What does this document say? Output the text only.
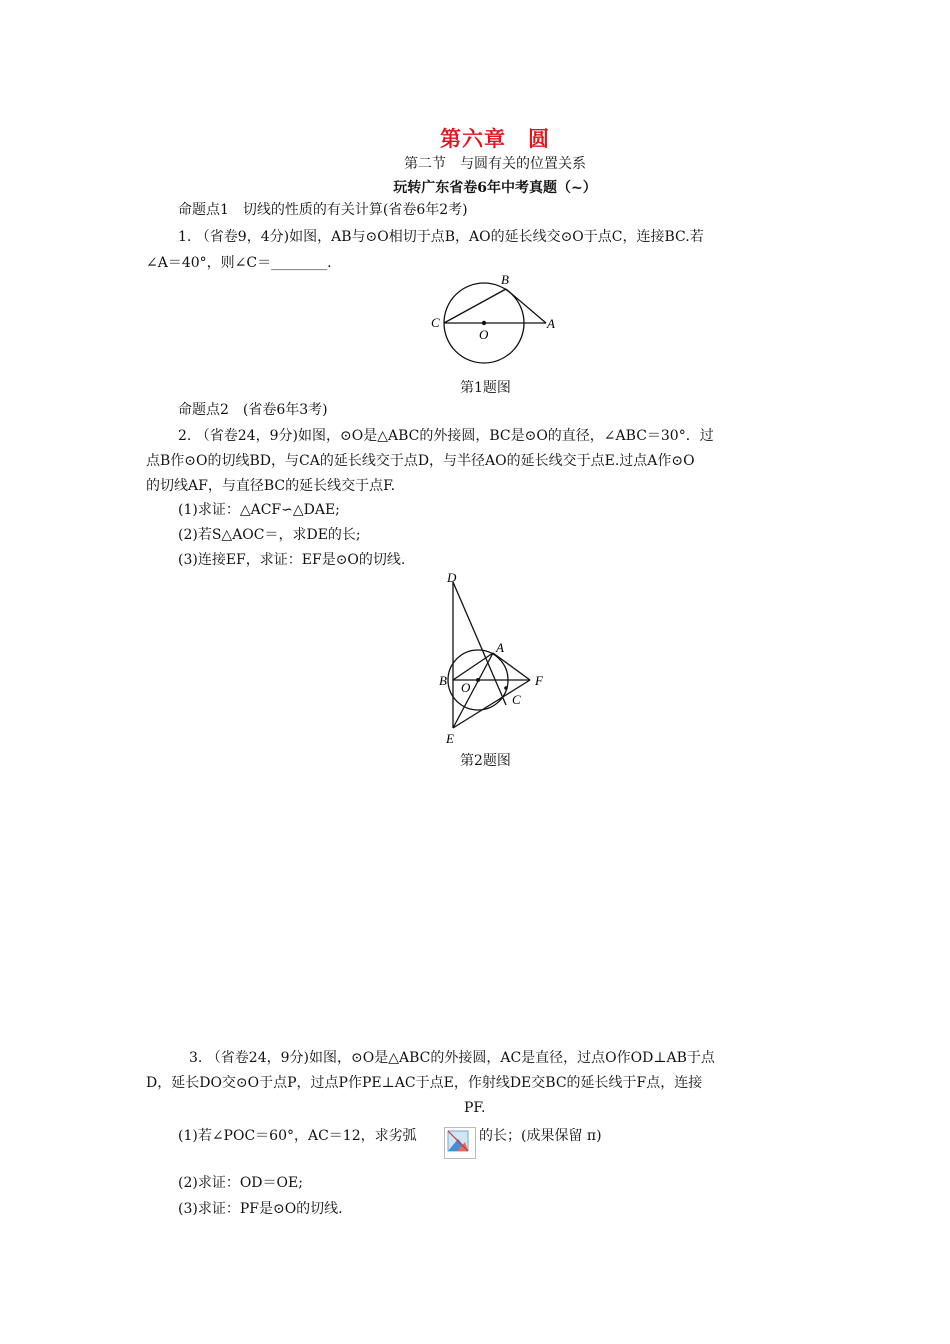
第六章　圆
第二节　与圆有关的位置关系
玩转广东省卷6年中考真题（~）
命题点1　切线的性质的有关计算(省卷6年2考)
1. （省卷9，4分)如图，AB与⊙O相切于点B，AO的延长线交⊙O于点C，连接BC.若
∠A＝40°，则∠C＝________.
B
C
O
A
第1题图
命题点2　(省卷6年3考)
2. （省卷24，9分)如图，⊙O是△ABC的外接圆，BC是⊙O的直径，∠ABC＝30°．过
点B作⊙O的切线BD，与CA的延长线交于点D，与半径AO的延长线交于点E.过点A作⊙O
的切线AF，与直径BC的延长线交于点F.
(1)求证：△ACF∽△DAE;
(2)若S△AOC＝，求DE的长;
(3)连接EF，求证：EF是⊙O的切线.
D
A
B O	F
C
E
第2题图
3. （省卷24，9分)如图，⊙O是△ABC的外接圆，AC是直径，过点O作OD⊥AB于点
D，延长DO交⊙O于点P，过点P作PE⊥AC于点E，作射线DE交BC的延长线于F点，连接
PF.
(1)若∠POC＝60°，AC＝12，求劣弧	的长；(成果保留 π)
(2)求证：OD＝OE;
(3)求证：PF是⊙O的切线.
